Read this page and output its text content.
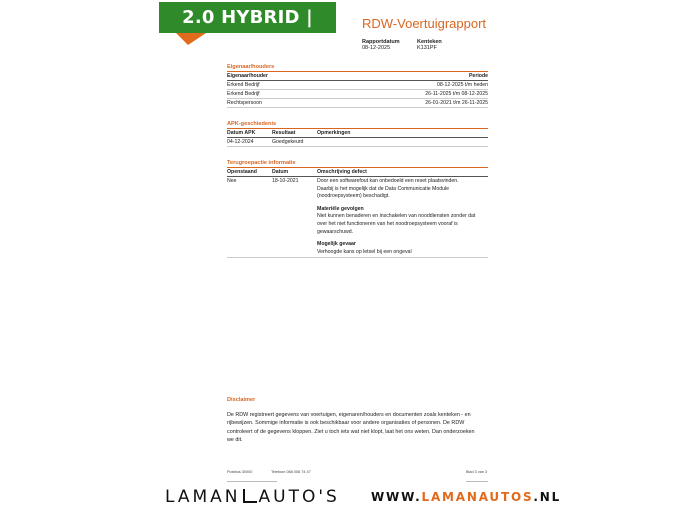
2.0 HYBRID | CARPLAY
RDW-Voertuigrapport
Rapportdatum
08-12-2025
Kenteken
K131PF
Eigenaar/houders
Eigenaar/houder	Periode
Erkend Bedrijf	08-12-2025 t/m heden
Erkend Bedrijf	26-11-2025 t/m 08-12-2025
Rechtspersoon	26-01-2021 t/m 26-11-2025
APK-geschiedenis
Datum APK	Resultaat	Opmerkingen
04-12-2024	Goedgekeurd
Terugroepactie informatie
Openstaand	Datum	Omschrijving defect
Nee	18-10-2021	Door een softwarefout kan onbedoeld een reset plaatsvinden.

Daarbij is het mogelijk dat de Data Communicatie Module

(noodroepsysteem) beschadigt.

Materiële gevolgen

Niet kunnen benaderen en inschakelen van nooddiensten zonder dat

over het niet functioneren van het noodroepsysteem vooraf is

gewaarschuwd.

Mogelijk gevaar

Verhoogde kans op letsel bij een ongeval

Disclaimer
De RDW registreert gegevens van voertuigen, eigenaren/houders en documenten zoals kenteken - en
rijbewijzen. Sommige informatie is ook beschikbaar voor andere organisaties of personen. De RDW
controleert of de gegevens kloppen. Ziet u toch iets wat niet klopt, laat het ons weten. Dan onderzoeken
we dit.
Postbus 30000	Telefoon 088 008 74 47	Blad 3 van 3
LAMAN AUTO'S	WWW.LAMANAUTOS.NL
